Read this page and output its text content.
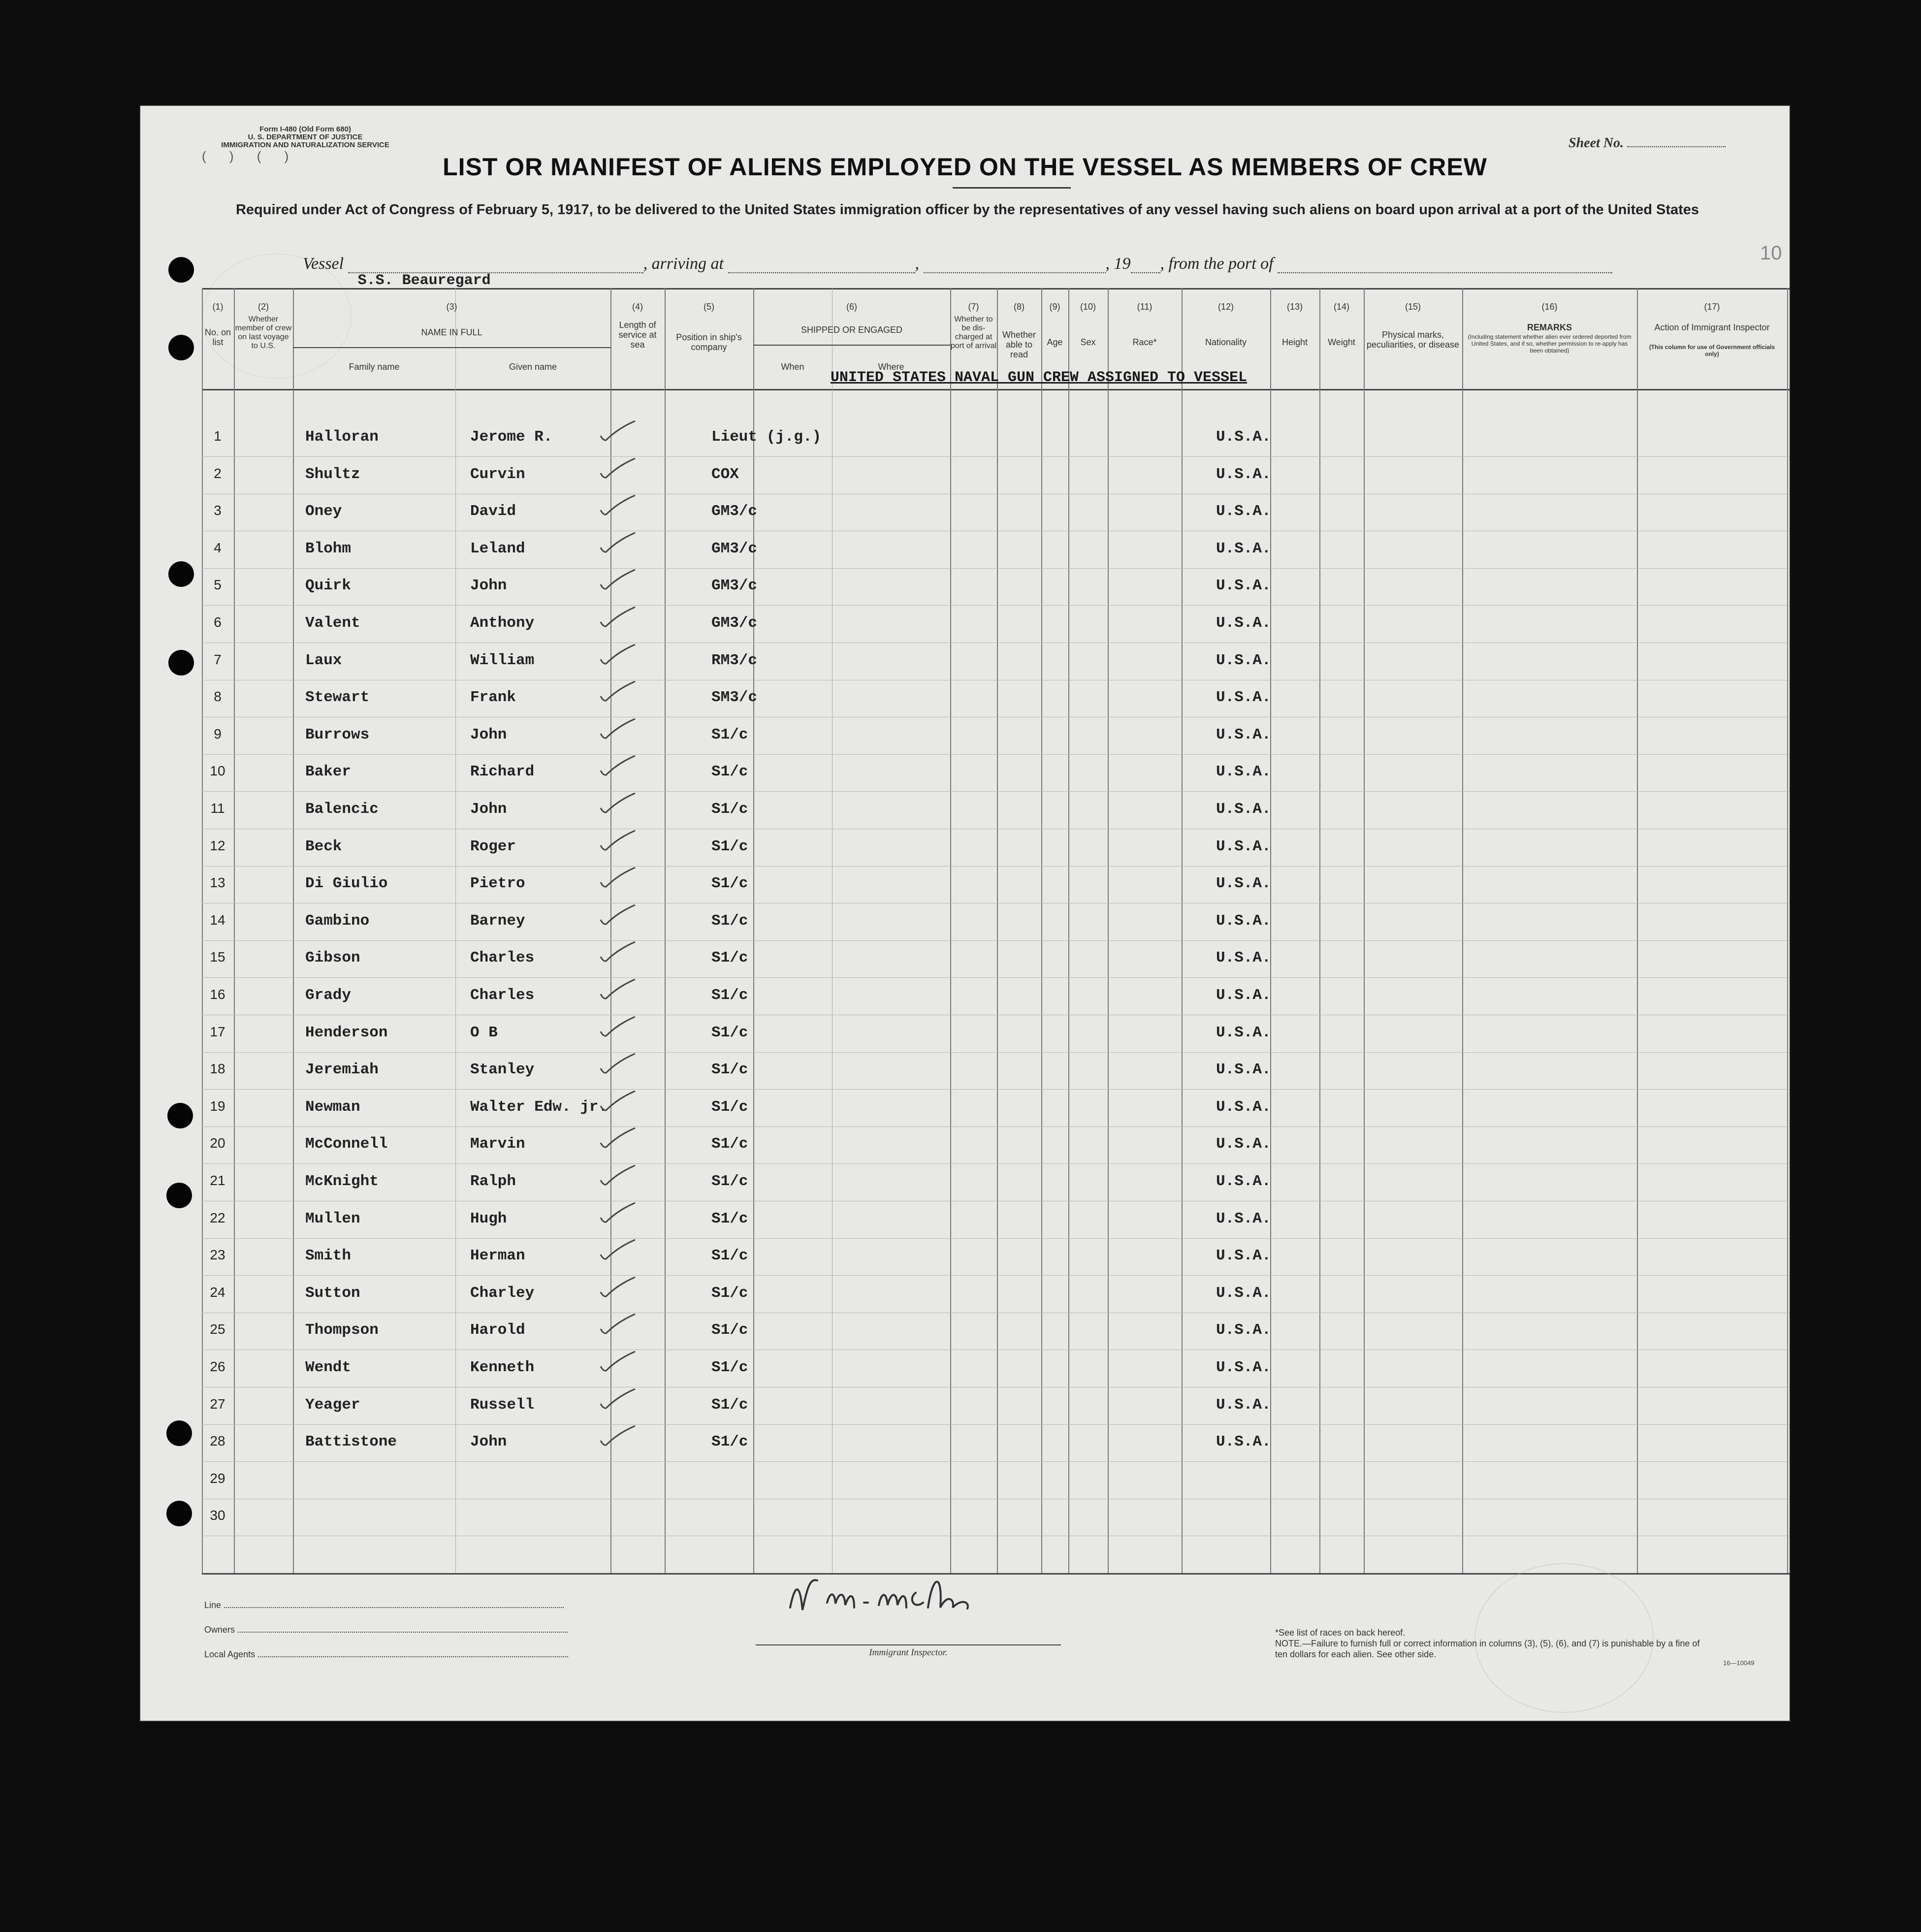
Form I-480 (Old Form 680)
U. S. DEPARTMENT OF JUSTICE
IMMIGRATION AND NATURALIZATION SERVICE
( ) ( )
Sheet No.
LIST OR MANIFEST OF ALIENS EMPLOYED ON THE VESSEL AS MEMBERS OF CREW
Required under Act of Congress of February 5, 1917, to be delivered to the United States immigration officer by the representatives of any vessel having such aliens on board upon arrival at a port of the United States
Vessel
S.S. Beauregard
, arriving at	,	, 19 , from the port of	10
(1)	(2)	(3)	(4)	(5)	(6)	(7)	(8)	(9)	(10)	(11)	(12)	(13)	(14)	(15)	(16)	(17)
No. on list
Whether member of crew on last voyage to U.S.
NAME IN FULL
Family name	Given name
Length of service at sea
Position in ship's company
SHIPPED OR ENGAGED
When	Where
Whether to be dis-charged at port of arrival
Whether able to read
Age	Sex	Race*	Nationality	Height	Weight
Physical marks, peculiarities, or disease
REMARKS
(Including statement whether alien ever ordered deported from United States, and if so, whether permission to re-apply has been obtained)
Action of Immigrant Inspector
(This column for use of Government officials only)
UNITED STATES NAVAL GUN CREW ASSIGNED TO VESSEL
1	Halloran	Jerome R.	Lieut (j.g.)	U.S.A.
2	Shultz	Curvin	COX	U.S.A.
3	Oney	David	GM3/c	U.S.A.
4	Blohm	Leland	GM3/c	U.S.A.
5	Quirk	John	GM3/c	U.S.A.
6	Valent	Anthony	GM3/c	U.S.A.
7	Laux	William	RM3/c	U.S.A.
8	Stewart	Frank	SM3/c	U.S.A.
9	Burrows	John	S1/c	U.S.A.
10	Baker	Richard	S1/c	U.S.A.
11	Balencic	John	S1/c	U.S.A.
12	Beck	Roger	S1/c	U.S.A.
13	Di Giulio	Pietro	S1/c	U.S.A.
14	Gambino	Barney	S1/c	U.S.A.
15	Gibson	Charles	S1/c	U.S.A.
16	Grady	Charles	S1/c	U.S.A.
17	Henderson	O B	S1/c	U.S.A.
18	Jeremiah	Stanley	S1/c	U.S.A.
19	Newman	Walter Edw. jr.	S1/c	U.S.A.
20	McConnell	Marvin	S1/c	U.S.A.
21	McKnight	Ralph	S1/c	U.S.A.
22	Mullen	Hugh	S1/c	U.S.A.
23	Smith	Herman	S1/c	U.S.A.
24	Sutton	Charley	S1/c	U.S.A.
25	Thompson	Harold	S1/c	U.S.A.
26	Wendt	Kenneth	S1/c	U.S.A.
27	Yeager	Russell	S1/c	U.S.A.
28	Battistone	John	S1/c	U.S.A.
29
30
Line
Owners
Local Agents	Immigrant Inspector.
*See list of races on back hereof.
NOTE.—Failure to furnish full or correct information in columns (3), (5), (6), and (7) is punishable by a fine of ten dollars for each alien. See other side.
16—10049
